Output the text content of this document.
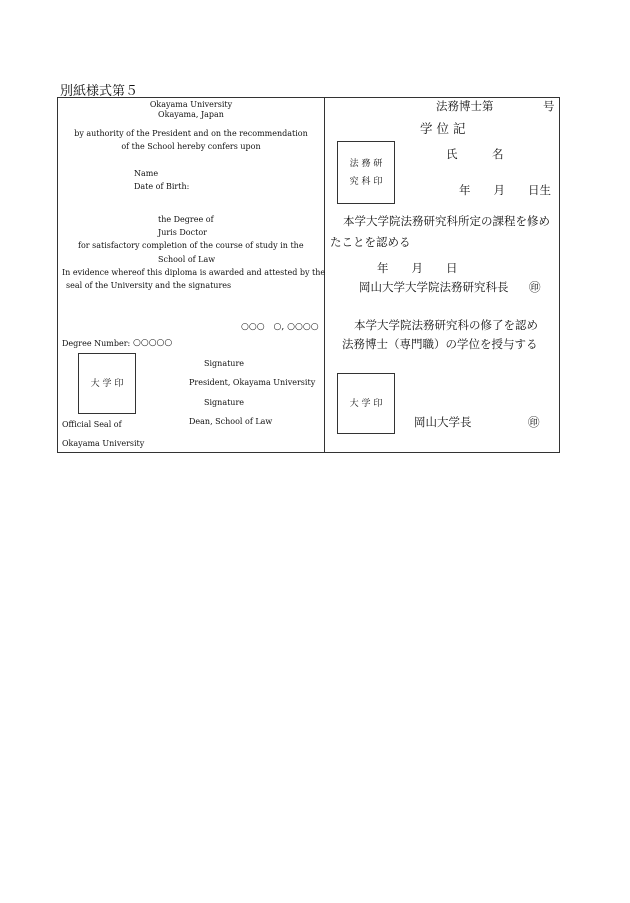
別紙様式第５
Okayama University
Okayama, Japan
by authority of the President and on the recommendation
of the School hereby confers upon
Name
Date of Birth:
the Degree of
Juris Doctor
for satisfactory completion of the course of study in the
School of Law
In evidence whereof this diploma is awarded and attested by the
seal of the University and the signatures
○○○　○, ○○○○
Degree Number: ○○○○○
大 学 印
Signature
President, Okayama University
Signature
Dean, School of Law
Official Seal of
Okayama University
法務博士第	号
学 位 記
法 務 研
究 科 印
氏　　　名
年　　月　　日生
本学大学院法務研究科所定の課程を修め
たことを認める
年　　月　　日
岡山大学大学院法務研究科長 ㊞
本学大学院法務研究科の修了を認め
法務博士（専門職）の学位を授与する
大 学 印
岡山大学長	㊞
